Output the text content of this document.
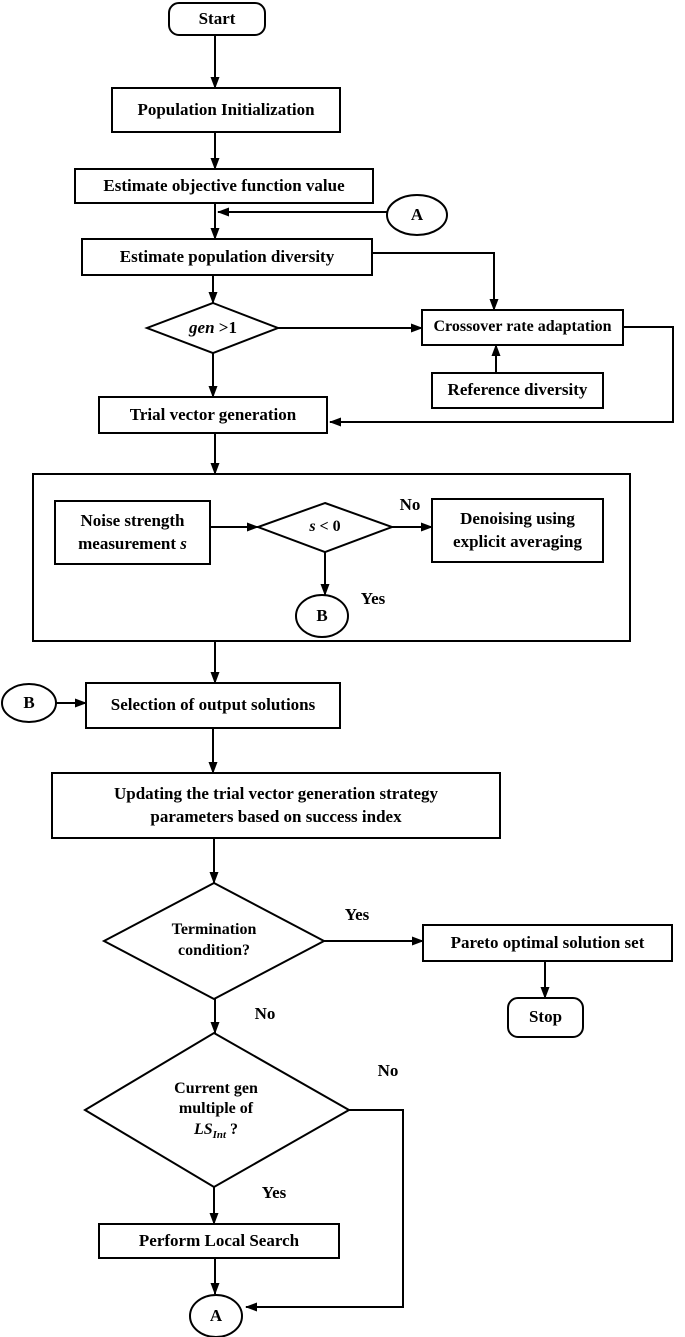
Start
Population Initialization
Estimate objective function value
A
Estimate population diversity
gen >1	Crossover rate adaptation
Reference diversity
Trial vector generation
Noise strength
measurement s
s < 0	Denoising using
explicit averaging
B
B	Selection of output solutions
Updating the trial vector generation strategy
parameters based on success index
Termination
condition?	Pareto optimal solution set
Stop
Current gen
multiple of
$LS_{Int}$ ?
Perform Local Search
A
No
Yes
Yes
No
No
Yes
